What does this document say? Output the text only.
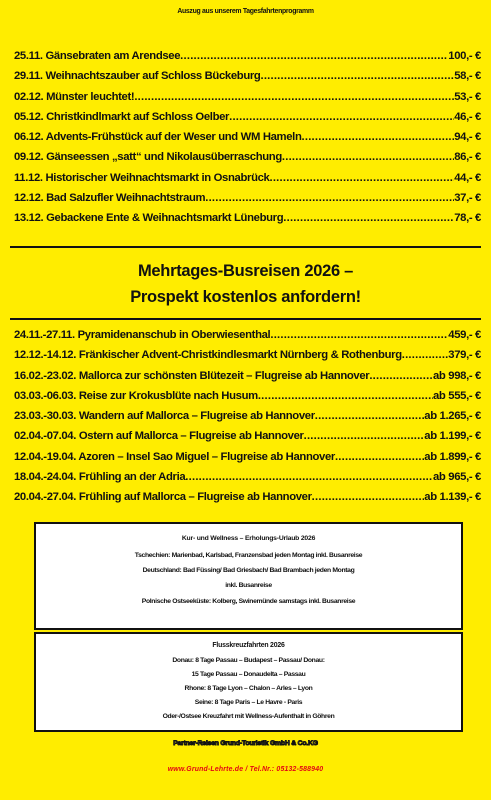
Auszug aus unserem Tagesfahrtenprogramm
25.11. Gänsebraten am Arendsee .....	100,- €
29.11. Weihnachtszauber auf Schloss Bückeburg .....	58,- €
02.12. Münster leuchtet! .....	53,- €
05.12. Christkindlmarkt auf Schloss Oelber .....	46,- €
06.12. Advents-Frühstück auf der Weser und WM Hameln .....	94,- €
09.12. Gänseessen „satt“ und Nikolausüberraschung .....	86,- €
11.12. Historischer Weihnachtsmarkt in Osnabrück .....	44,- €
12.12. Bad Salzufler Weihnachtstraum .....	37,- €
13.12. Gebackene Ente & Weihnachtsmarkt Lüneburg .....	78,- €
Mehrtages-Busreisen 2026 –
Prospekt kostenlos anfordern!
24.11.-27.11. Pyramidenanschub in Oberwiesenthal .....	459,- €
12.12.-14.12. Fränkischer Advent-Christkindlesmarkt Nürnberg & Rothenburg .....	379,- €
16.02.-23.02. Mallorca zur schönsten Blütezeit – Flugreise ab Hannover .....	ab 998,- €
03.03.-06.03. Reise zur Krokusblüte nach Husum .....	ab 555,- €
23.03.-30.03. Wandern auf Mallorca – Flugreise ab Hannover .....	ab 1.265,- €
02.04.-07.04. Ostern auf Mallorca – Flugreise ab Hannover .....	ab 1.199,- €
12.04.-19.04. Azoren – Insel Sao Miguel – Flugreise ab Hannover .....	ab 1.899,- €
18.04.-24.04. Frühling an der Adria .....	ab 965,- €
20.04.-27.04. Frühling auf Mallorca – Flugreise ab Hannover .....	ab 1.139,- €
Kur- und Wellness – Erholungs-Urlaub 2026
Tschechien: Marienbad, Karlsbad, Franzensbad jeden Montag inkl. Busanreise
Deutschland: Bad Füssing/ Bad Griesbach/ Bad Brambach jeden Montag
inkl. Busanreise
Polnische Ostseeküste: Kolberg, Swinemünde samstags inkl. Busanreise
Flusskreuzfahrten 2026
Donau: 8 Tage Passau – Budapest – Passau/ Donau:
15 Tage Passau – Donaudelta – Passau
Rhone: 8 Tage Lyon – Chalon – Arles – Lyon
Seine: 8 Tage Paris – Le Havre - Paris
Oder-/Ostsee Kreuzfahrt mit Wellness-Aufenthalt in Göhren
Partner-Reisen Grund-Touristik GmbH & Co.KG
www.Grund-Lehrte.de / Tel.Nr.: 05132-588940
